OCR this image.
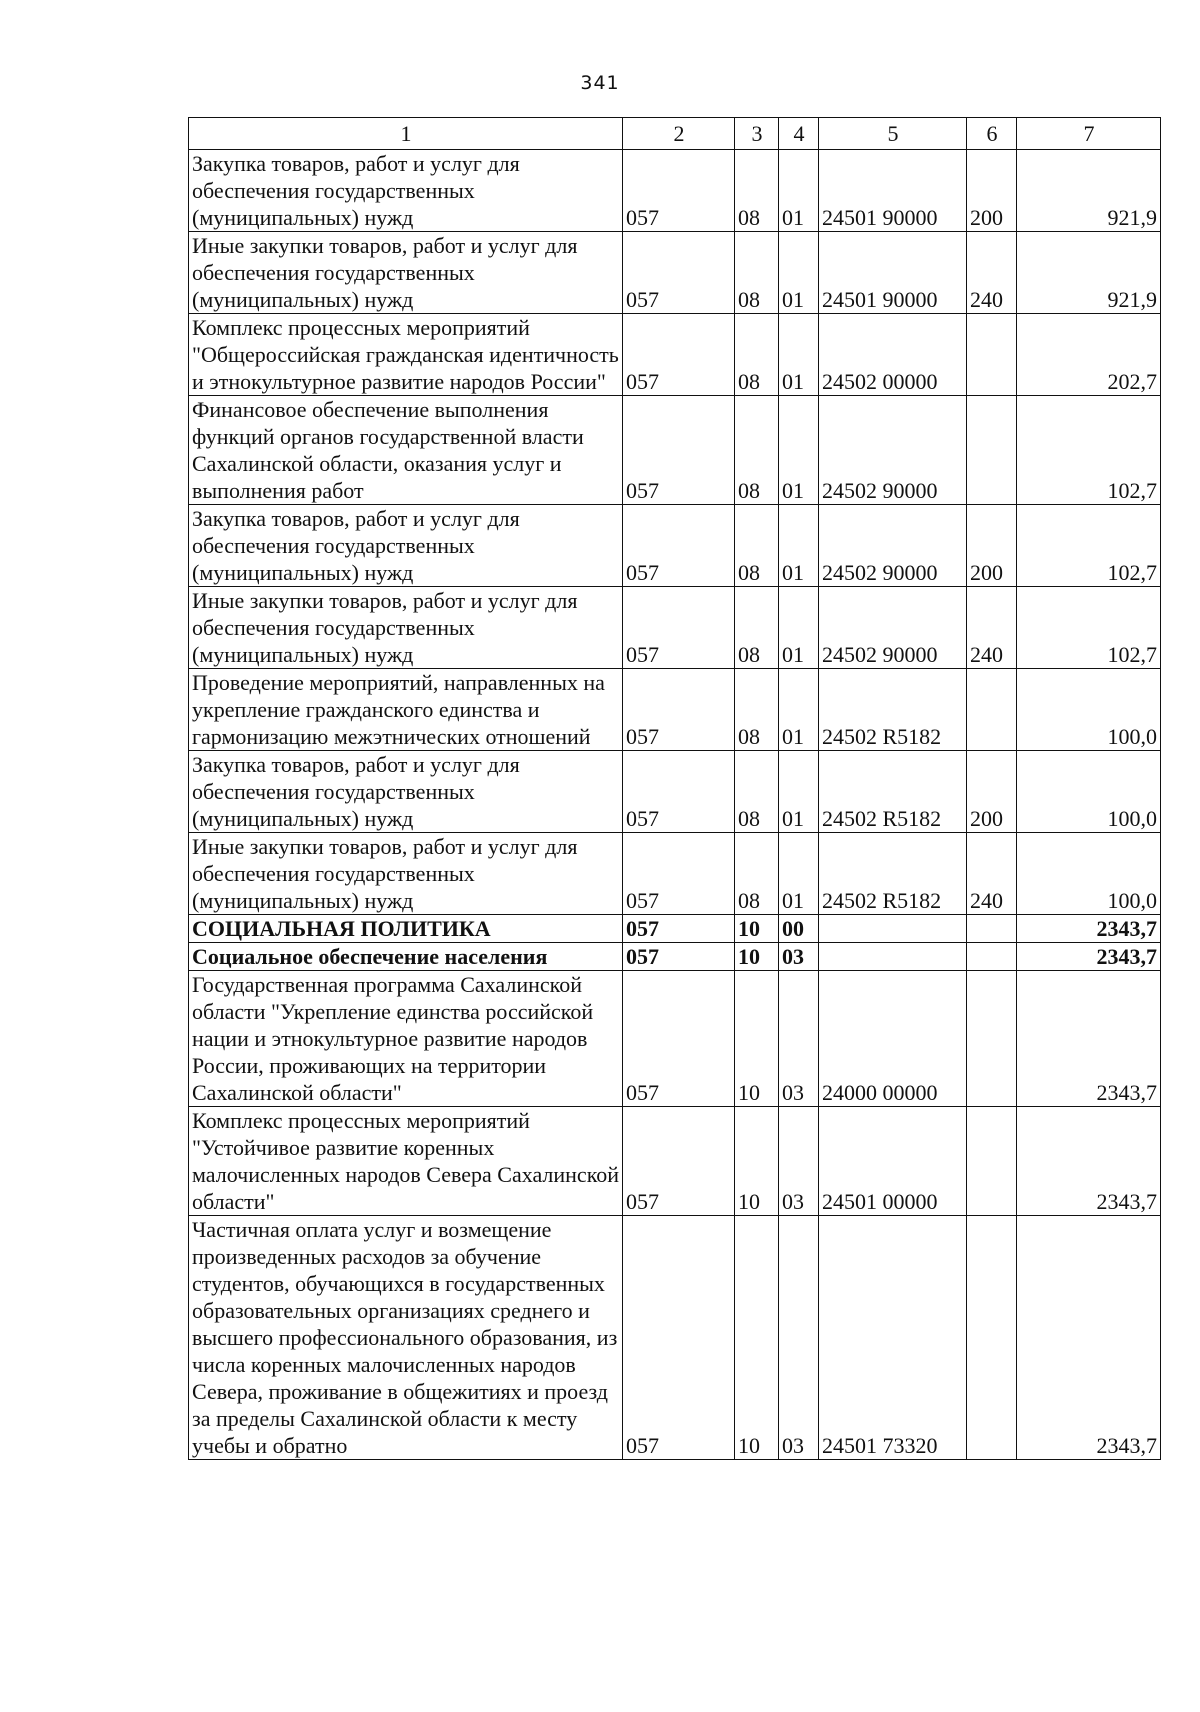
341
1	2	3	4	5	6	7
Закупка товаров, работ и услуг для обеспечения государственных (муниципальных) нужд	057	08	01	24501 90000	200	921,9
Иные закупки товаров, работ и услуг для обеспечения государственных (муниципальных) нужд	057	08	01	24501 90000	240	921,9
Комплекс процессных мероприятий "Общероссийская гражданская идентичность и этнокультурное развитие народов России"	057	08	01	24502 00000		202,7
Финансовое обеспечение выполнения функций органов государственной власти Сахалинской области, оказания услуг и выполнения работ	057	08	01	24502 90000		102,7
Закупка товаров, работ и услуг для обеспечения государственных (муниципальных) нужд	057	08	01	24502 90000	200	102,7
Иные закупки товаров, работ и услуг для обеспечения государственных (муниципальных) нужд	057	08	01	24502 90000	240	102,7
Проведение мероприятий, направленных на укрепление гражданского единства и гармонизацию межэтнических отношений	057	08	01	24502 R5182		100,0
Закупка товаров, работ и услуг для обеспечения государственных (муниципальных) нужд	057	08	01	24502 R5182	200	100,0
Иные закупки товаров, работ и услуг для обеспечения государственных (муниципальных) нужд	057	08	01	24502 R5182	240	100,0
СОЦИАЛЬНАЯ ПОЛИТИКА	057	10	00			2343,7
Социальное обеспечение населения	057	10	03			2343,7
Государственная программа Сахалинской области "Укрепление единства российской нации и этнокультурное развитие народов России, проживающих на территории Сахалинской области"	057	10	03	24000 00000		2343,7
Комплекс процессных мероприятий "Устойчивое развитие коренных малочисленных народов Севера Сахалинской области"	057	10	03	24501 00000		2343,7
Частичная оплата услуг и возмещение произведенных расходов за обучение студентов, обучающихся в государственных образовательных организациях среднего и высшего профессионального образования, из числа коренных малочисленных народов Севера, проживание в общежитиях и проезд за пределы Сахалинской области к месту учебы и обратно	057	10	03	24501 73320		2343,7
